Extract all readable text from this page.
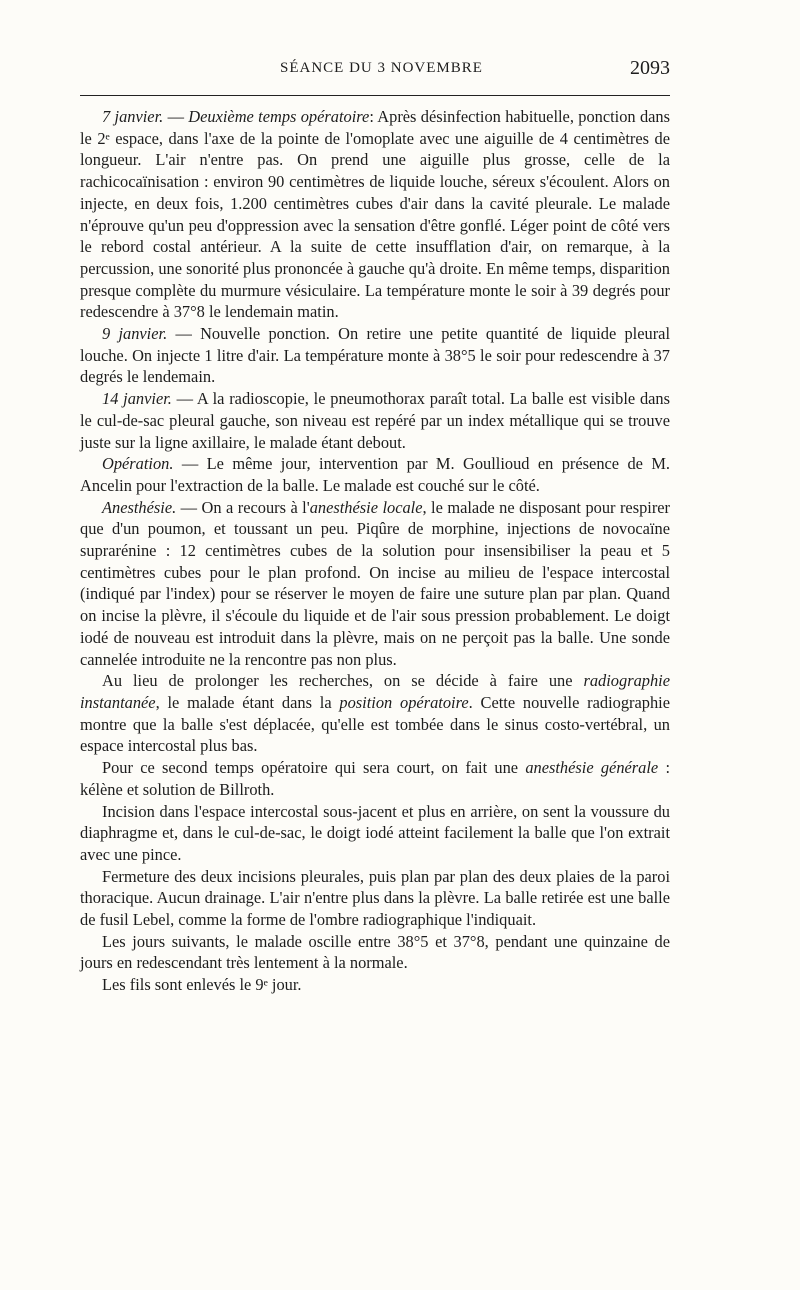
SÉANCE DU 3 NOVEMBRE	2093

7 janvier. — Deuxième temps opératoire: Après désinfection habituelle, ponction dans le 2ᵉ espace, dans l'axe de la pointe de l'omoplate avec une aiguille de 4 centimètres de longueur. L'air n'entre pas. On prend une aiguille plus grosse, celle de la rachicocaïnisation : environ 90 centimètres de liquide louche, séreux s'écoulent. Alors on injecte, en deux fois, 1.200 centimètres cubes d'air dans la cavité pleurale. Le malade n'éprouve qu'un peu d'oppression avec la sensation d'être gonflé. Léger point de côté vers le rebord costal antérieur. A la suite de cette insufflation d'air, on remarque, à la percussion, une sonorité plus prononcée à gauche qu'à droite. En même temps, disparition presque complète du murmure vésiculaire. La température monte le soir à 39 degrés pour redescendre à 37°8 le lendemain matin.

9 janvier. — Nouvelle ponction. On retire une petite quantité de liquide pleural louche. On injecte 1 litre d'air. La température monte à 38°5 le soir pour redescendre à 37 degrés le lendemain.

14 janvier. — A la radioscopie, le pneumothorax paraît total. La balle est visible dans le cul-de-sac pleural gauche, son niveau est repéré par un index métallique qui se trouve juste sur la ligne axillaire, le malade étant debout.

Opération. — Le même jour, intervention par M. Goullioud en présence de M. Ancelin pour l'extraction de la balle. Le malade est couché sur le côté.

Anesthésie. — On a recours à l'anesthésie locale, le malade ne disposant pour respirer que d'un poumon, et toussant un peu. Piqûre de morphine, injections de novocaïne suprarénine : 12 centimètres cubes de la solution pour insensibiliser la peau et 5 centimètres cubes pour le plan profond. On incise au milieu de l'espace intercostal (indiqué par l'index) pour se réserver le moyen de faire une suture plan par plan. Quand on incise la plèvre, il s'écoule du liquide et de l'air sous pression probablement. Le doigt iodé de nouveau est introduit dans la plèvre, mais on ne perçoit pas la balle. Une sonde cannelée introduite ne la rencontre pas non plus.

Au lieu de prolonger les recherches, on se décide à faire une radiographie instantanée, le malade étant dans la position opératoire. Cette nouvelle radiographie montre que la balle s'est déplacée, qu'elle est tombée dans le sinus costo-vertébral, un espace intercostal plus bas.

Pour ce second temps opératoire qui sera court, on fait une anesthésie générale : kélène et solution de Billroth.

Incision dans l'espace intercostal sous-jacent et plus en arrière, on sent la voussure du diaphragme et, dans le cul-de-sac, le doigt iodé atteint facilement la balle que l'on extrait avec une pince.

Fermeture des deux incisions pleurales, puis plan par plan des deux plaies de la paroi thoracique. Aucun drainage. L'air n'entre plus dans la plèvre. La balle retirée est une balle de fusil Lebel, comme la forme de l'ombre radiographique l'indiquait.

Les jours suivants, le malade oscille entre 38°5 et 37°8, pendant une quinzaine de jours en redescendant très lentement à la normale.

Les fils sont enlevés le 9ᵉ jour.
